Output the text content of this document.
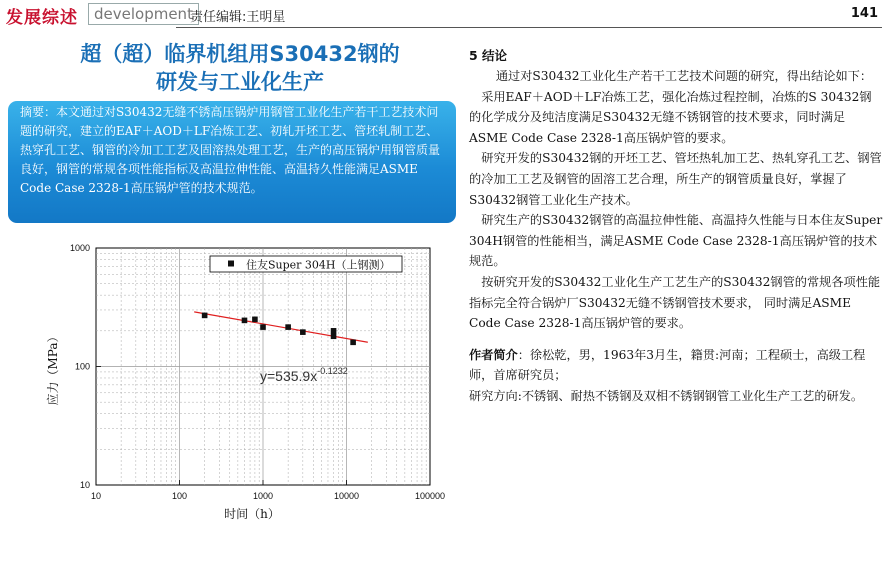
发展综述	development
责任编辑:王明星	141
超（超）临界机组用S30432钢的
研发与工业化生产
摘要：本文通过对S30432无缝不锈高压锅炉用钢管工业化生产若干工艺技术问题的研究，建立的EAF＋AOD＋LF冶炼工艺、初轧开坯工艺、管坯轧制工艺、热穿孔工艺、钢管的冷加工工艺及固溶热处理工艺，生产的高压锅炉用钢管质量良好，钢管的常规各项性能指标及高温拉伸性能、高温持久性能满足ASME Code Case 2328-1高压锅炉管的技术规范。
10	100	1000	10000	100000
10
100
1000
住友Super 304H（上钢测）
$y=535.9x^{-0.1232}$
时间（h）
应力（MPa）

5 结论

通过对S30432工业化生产若干工艺技术问题的研究，得出结论如下：

采用EAF＋AOD＋LF冶炼工艺，强化冶炼过程控制，冶炼的S 30432钢的化学成分及纯洁度满足S30432无缝不锈钢管的技术要求，同时满足ASME Code Case 2328-1高压锅炉管的要求。

研究开发的S30432钢的开坯工艺、管坯热轧加工艺、热轧穿孔工艺、钢管的冷加工工艺及钢管的固溶工艺合理，所生产的钢管质量良好，掌握了S30432钢管工业化生产技术。

研究生产的S30432钢管的高温拉伸性能、高温持久性能与日本住友Super 304H钢管的性能相当，满足ASME Code Case 2328-1高压锅炉管的技术规范。

按研究开发的S30432工业化生产工艺生产的S30432钢管的常规各项性能指标完全符合锅炉厂S30432无缝不锈钢管技术要求， 同时满足ASME Code Case 2328-1高压锅炉管的要求。

作者简介：徐松乾，男，1963年3月生，籍贯:河南；工程硕士，高级工程师，首席研究员；

研究方向:不锈钢、耐热不锈钢及双相不锈钢钢管工业化生产工艺的研发。
